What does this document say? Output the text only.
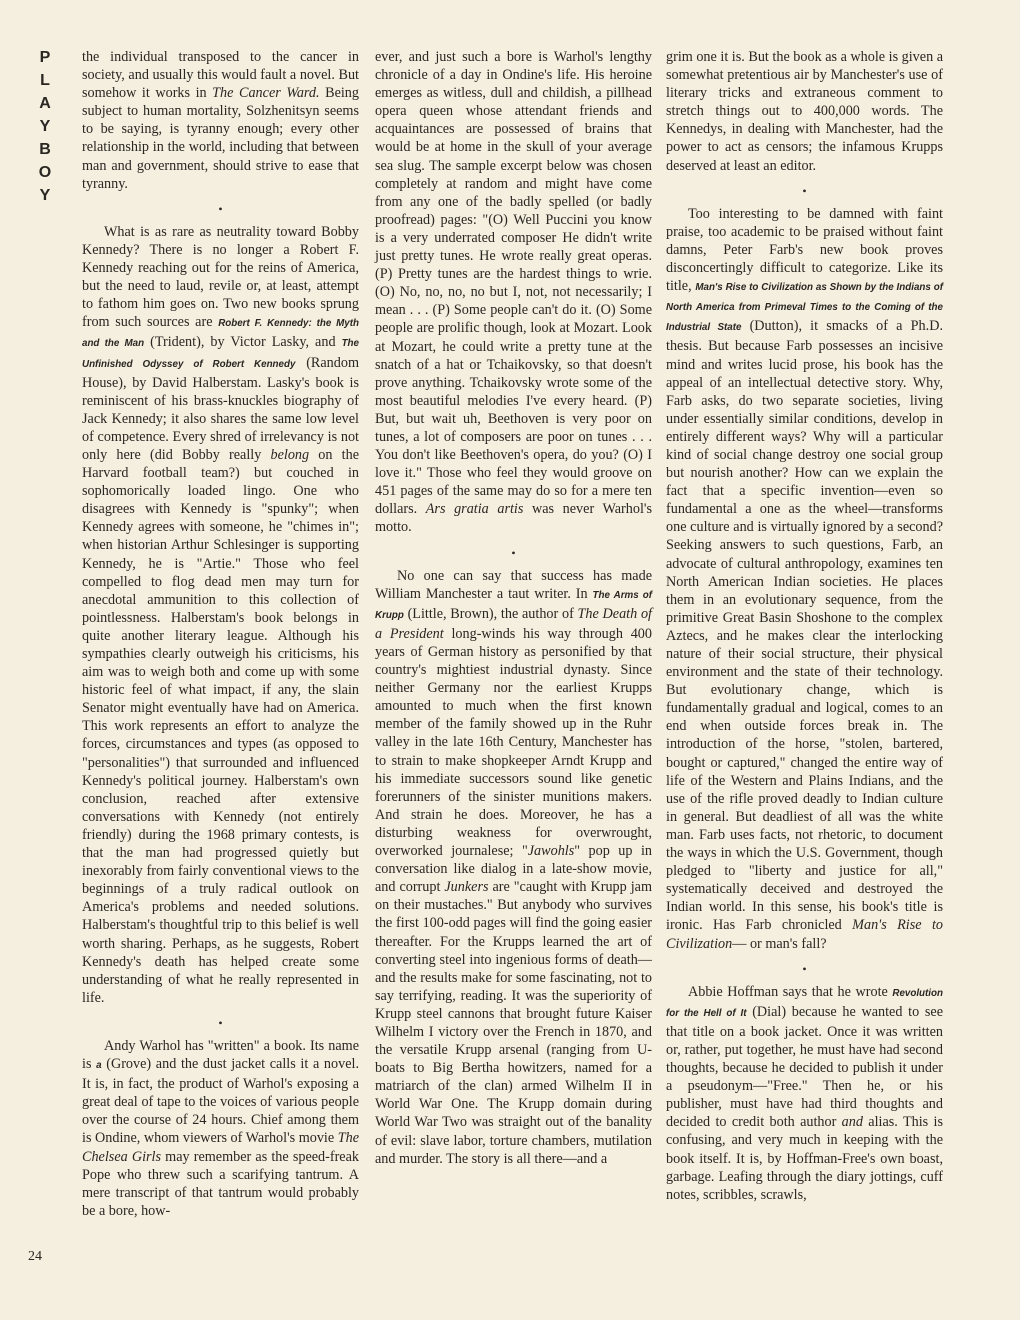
P
L
A
Y
B
O
Y
24

the individual transposed to the cancer in society, and usually this would fault a novel. But somehow it works in The Cancer Ward. Being subject to human mortality, Solzhenitsyn seems to be saying, is tyranny enough; every other relationship in the world, including that between man and government, should strive to ease that tyranny.

•

What is as rare as neutrality toward Bobby Kennedy? There is no longer a Robert F. Kennedy reaching out for the reins of America, but the need to laud, revile or, at least, attempt to fathom him goes on. Two new books sprung from such sources are Robert F. Kennedy: the Myth and the Man (Trident), by Victor Lasky, and The Unfinished Odyssey of Robert Kennedy (Random House), by David Halberstam. Lasky's book is reminiscent of his brass-knuckles biography of Jack Kennedy; it also shares the same low level of competence. Every shred of irrelevancy is not only here (did Bobby really belong on the Harvard football team?) but couched in sophomorically loaded lingo. One who disagrees with Kennedy is "spunky"; when Kennedy agrees with someone, he "chimes in"; when historian Arthur Schlesinger is supporting Kennedy, he is "Artie." Those who feel compelled to flog dead men may turn for anecdotal ammunition to this collection of pointlessness. Halberstam's book belongs in quite another literary league. Although his sympathies clearly outweigh his criticisms, his aim was to weigh both and come up with some historic feel of what impact, if any, the slain Senator might eventually have had on America. This work represents an effort to analyze the forces, circumstances and types (as opposed to "personalities") that surrounded and influenced Kennedy's political journey. Halberstam's own conclusion, reached after extensive conversations with Kennedy (not entirely friendly) during the 1968 primary contests, is that the man had progressed quietly but inexorably from fairly conventional views to the beginnings of a truly radical outlook on America's problems and needed solutions. Halberstam's thoughtful trip to this belief is well worth sharing. Perhaps, as he suggests, Robert Kennedy's death has helped create some understanding of what he really represented in life.

•

Andy Warhol has "written" a book. Its name is a (Grove) and the dust jacket calls it a novel. It is, in fact, the product of Warhol's exposing a great deal of tape to the voices of various people over the course of 24 hours. Chief among them is Ondine, whom viewers of Warhol's movie The Chelsea Girls may remember as the speed-freak Pope who threw such a scarifying tantrum. A mere transcript of that tantrum would probably be a bore, how-

ever, and just such a bore is Warhol's lengthy chronicle of a day in Ondine's life. His heroine emerges as witless, dull and childish, a pillhead opera queen whose attendant friends and acquaintances are possessed of brains that would be at home in the skull of your average sea slug. The sample excerpt below was chosen completely at random and might have come from any one of the badly spelled (or badly proofread) pages: "(O) Well Puccini you know is a very underrated composer He didn't write just pretty tunes. He wrote really great operas. (P) Pretty tunes are the hardest things to wrie. (O) No, no, no, no but I, not, not necessarily; I mean . . . (P) Some people can't do it. (O) Some people are prolific though, look at Mozart. Look at Mozart, he could write a pretty tune at the snatch of a hat or Tchaikovsky, so that doesn't prove anything. Tchaikovsky wrote some of the most beautiful melodies I've every heard. (P) But, but wait uh, Beethoven is very poor on tunes, a lot of composers are poor on tunes . . . You don't like Beethoven's opera, do you? (O) I love it." Those who feel they would groove on 451 pages of the same may do so for a mere ten dollars. Ars gratia artis was never Warhol's motto.

•

No one can say that success has made William Manchester a taut writer. In The Arms of Krupp (Little, Brown), the author of The Death of a President long-winds his way through 400 years of German history as personified by that country's mightiest industrial dynasty. Since neither Germany nor the earliest Krupps amounted to much when the first known member of the family showed up in the Ruhr valley in the late 16th Century, Manchester has to strain to make shopkeeper Arndt Krupp and his immediate successors sound like genetic forerunners of the sinister munitions makers. And strain he does. Moreover, he has a disturbing weakness for overwrought, overworked journalese; "Jawohls" pop up in conversation like dialog in a late-show movie, and corrupt Junkers are "caught with Krupp jam on their mustaches." But anybody who survives the first 100-odd pages will find the going easier thereafter. For the Krupps learned the art of converting steel into ingenious forms of death—and the results make for some fascinating, not to say terrifying, reading. It was the superiority of Krupp steel cannons that brought future Kaiser Wilhelm I victory over the French in 1870, and the versatile Krupp arsenal (ranging from U-boats to Big Bertha howitzers, named for a matriarch of the clan) armed Wilhelm II in World War One. The Krupp domain during World War Two was straight out of the banality of evil: slave labor, torture chambers, mutilation and murder. The story is all there—and a

grim one it is. But the book as a whole is given a somewhat pretentious air by Manchester's use of literary tricks and extraneous comment to stretch things out to 400,000 words. The Kennedys, in dealing with Manchester, had the power to act as censors; the infamous Krupps deserved at least an editor.

•

Too interesting to be damned with faint praise, too academic to be praised without faint damns, Peter Farb's new book proves disconcertingly difficult to categorize. Like its title, Man's Rise to Civilization as Shown by the Indians of North America from Primeval Times to the Coming of the Industrial State (Dutton), it smacks of a Ph.D. thesis. But because Farb possesses an incisive mind and writes lucid prose, his book has the appeal of an intellectual detective story. Why, Farb asks, do two separate societies, living under essentially similar conditions, develop in entirely different ways? Why will a particular kind of social change destroy one social group but nourish another? How can we explain the fact that a specific invention—even so fundamental a one as the wheel—transforms one culture and is virtually ignored by a second? Seeking answers to such questions, Farb, an advocate of cultural anthropology, examines ten North American Indian societies. He places them in an evolutionary sequence, from the primitive Great Basin Shoshone to the complex Aztecs, and he makes clear the interlocking nature of their social structure, their physical environment and the state of their technology. But evolutionary change, which is fundamentally gradual and logical, comes to an end when outside forces break in. The introduction of the horse, "stolen, bartered, bought or captured," changed the entire way of life of the Western and Plains Indians, and the use of the rifle proved deadly to Indian culture in general. But deadliest of all was the white man. Farb uses facts, not rhetoric, to document the ways in which the U.S. Government, though pledged to "liberty and justice for all," systematically deceived and destroyed the Indian world. In this sense, his book's title is ironic. Has Farb chronicled Man's Rise to Civilization— or man's fall?

•

Abbie Hoffman says that he wrote Revolution for the Hell of It (Dial) because he wanted to see that title on a book jacket. Once it was written or, rather, put together, he must have had second thoughts, because he decided to publish it under a pseudonym—"Free." Then he, or his publisher, must have had third thoughts and decided to credit both author and alias. This is confusing, and very much in keeping with the book itself. It is, by Hoffman-Free's own boast, garbage. Leafing through the diary jottings, cuff notes, scribbles, scrawls,
